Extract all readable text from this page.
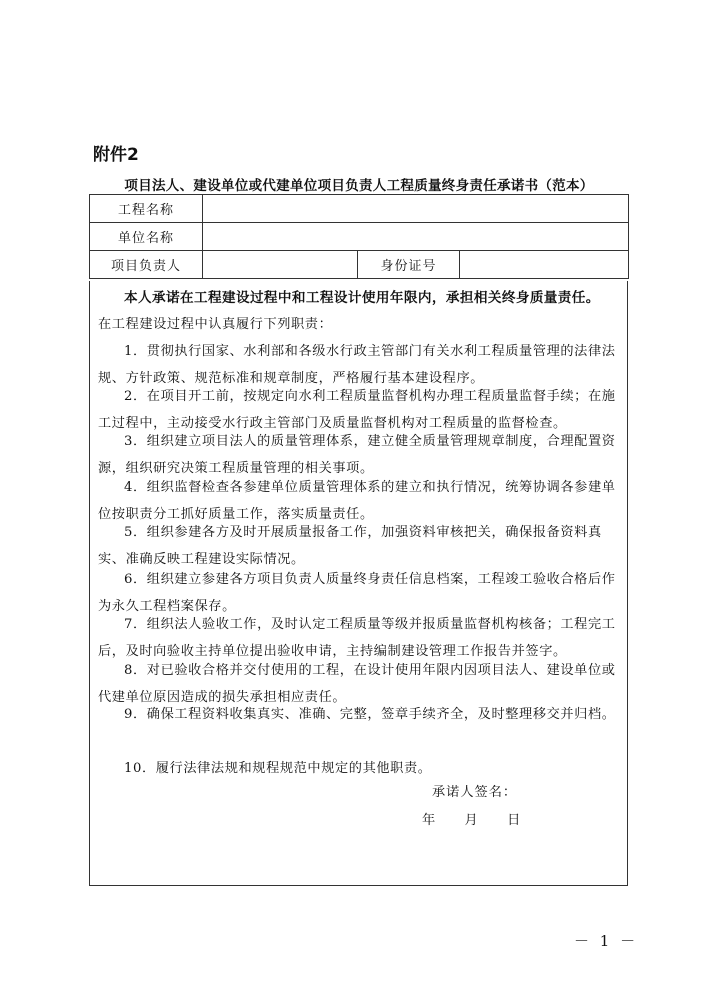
附件2
项目法人、建设单位或代建单位项目负责人工程质量终身责任承诺书（范本）
工程名称			
单位名称			
项目负责人		身份证号	
本人承诺在工程建设过程中和工程设计使用年限内，承担相关终身质量责任。
在工程建设过程中认真履行下列职责：
1．贯彻执行国家、水利部和各级水行政主管部门有关水利工程质量管理的法律法规、方针政策、规范标准和规章制度，严格履行基本建设程序。
2．在项目开工前，按规定向水利工程质量监督机构办理工程质量监督手续；在施工过程中，主动接受水行政主管部门及质量监督机构对工程质量的监督检查。
3．组织建立项目法人的质量管理体系，建立健全质量管理规章制度，合理配置资源，组织研究决策工程质量管理的相关事项。
4．组织监督检查各参建单位质量管理体系的建立和执行情况，统筹协调各参建单位按职责分工抓好质量工作，落实质量责任。
5．组织参建各方及时开展质量报备工作，加强资料审核把关，确保报备资料真实、准确反映工程建设实际情况。
6．组织建立参建各方项目负责人质量终身责任信息档案，工程竣工验收合格后作为永久工程档案保存。
7．组织法人验收工作，及时认定工程质量等级并报质量监督机构核备；工程完工后，及时向验收主持单位提出验收申请，主持编制建设管理工作报告并签字。
8．对已验收合格并交付使用的工程，在设计使用年限内因项目法人、建设单位或代建单位原因造成的损失承担相应责任。
9．确保工程资料收集真实、准确、完整，签章手续齐全，及时整理移交并归档。
10．履行法律法规和规程规范中规定的其他职责。
承诺人签名：
年　　月　　日
－ 1 －
